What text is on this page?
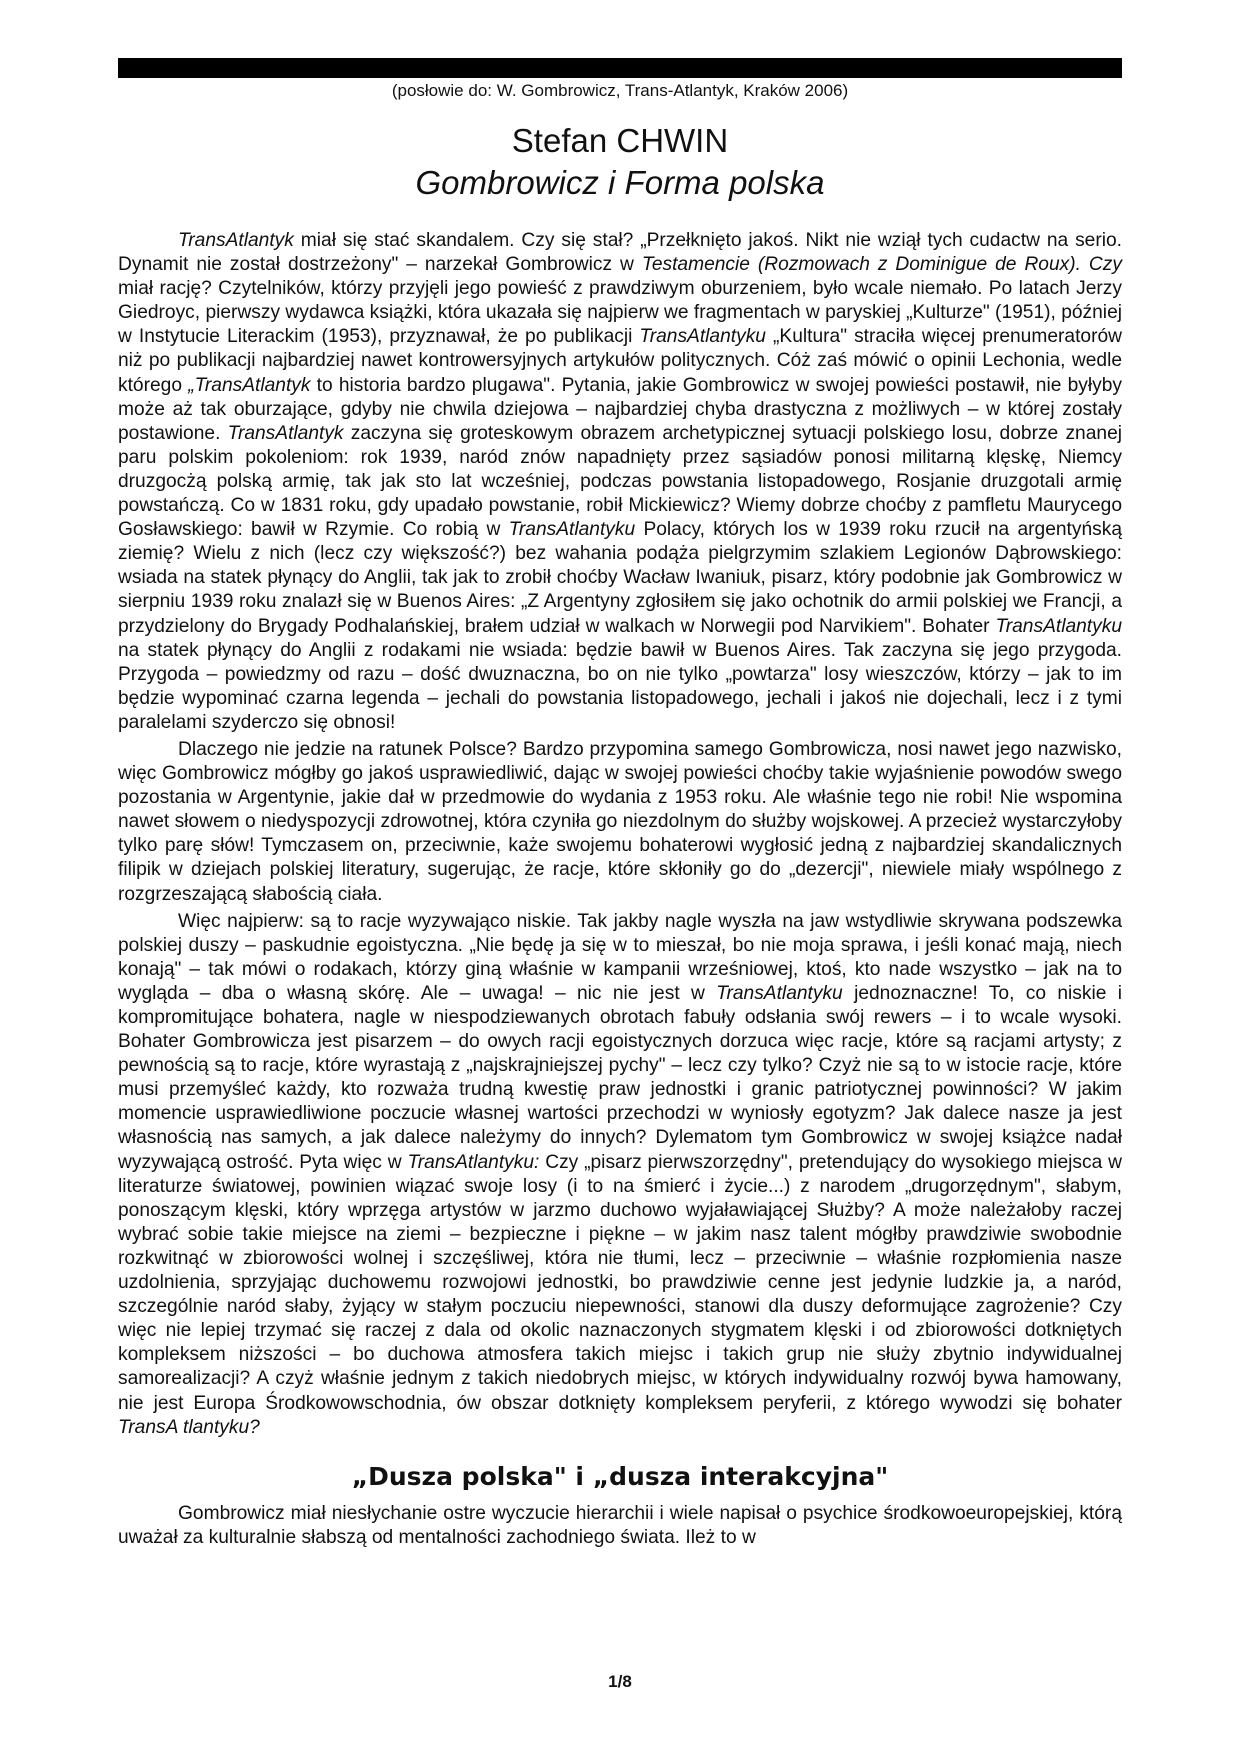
(posłowie do: W. Gombrowicz, Trans-Atlantyk, Kraków 2006)
Stefan CHWIN
Gombrowicz i Forma polska

TransAtlantyk miał się stać skandalem. Czy się stał? „Przełknięto jakoś. Nikt nie wziął tych cudactw na serio. Dynamit nie został dostrzeżony" – narzekał Gombrowicz w Testamencie (Rozmowach z Dominigue de Roux). Czy miał rację? Czytelników, którzy przyjęli jego powieść z prawdziwym oburzeniem, było wcale niemało. Po latach Jerzy Giedroyc, pierwszy wydawca książki, która ukazała się najpierw we fragmentach w paryskiej „Kulturze" (1951), później w Instytucie Literackim (1953), przyznawał, że po publikacji TransAtlantyku „Kultura" straciła więcej prenumeratorów niż po publikacji najbardziej nawet kontrowersyjnych artykułów politycznych. Cóż zaś mówić o opinii Lechonia, wedle którego „TransAtlantyk to historia bardzo plugawa". Pytania, jakie Gombrowicz w swojej powieści postawił, nie byłyby może aż tak oburzające, gdyby nie chwila dziejowa – najbardziej chyba drastyczna z możliwych – w której zostały postawione. TransAtlantyk zaczyna się groteskowym obrazem archetypicznej sytuacji polskiego losu, dobrze znanej paru polskim pokoleniom: rok 1939, naród znów napadnięty przez sąsiadów ponosi militarną klęskę, Niemcy druzgocżą polską armię, tak jak sto lat wcześniej, podczas powstania listopadowego, Rosjanie druzgotali armię powstańczą. Co w 1831 roku, gdy upadało powstanie, robił Mickiewicz? Wiemy dobrze choćby z pamfletu Maurycego Gosławskiego: bawił w Rzymie. Co robią w TransAtlantyku Polacy, których los w 1939 roku rzucił na argentyńską ziemię? Wielu z nich (lecz czy większość?) bez wahania podąża pielgrzymim szlakiem Legionów Dąbrowskiego: wsiada na statek płynący do Anglii, tak jak to zrobił choćby Wacław Iwaniuk, pisarz, który podobnie jak Gombrowicz w sierpniu 1939 roku znalazł się w Buenos Aires: „Z Argentyny zgłosiłem się jako ochotnik do armii polskiej we Francji, a przydzielony do Brygady Podhalańskiej, brałem udział w walkach w Norwegii pod Narvikiem". Bohater TransAtlantyku na statek płynący do Anglii z rodakami nie wsiada: będzie bawił w Buenos Aires. Tak zaczyna się jego przygoda. Przygoda – powiedzmy od razu – dość dwuznaczna, bo on nie tylko „powtarza" losy wieszczów, którzy – jak to im będzie wypominać czarna legenda – jechali do powstania listopadowego, jechali i jakoś nie dojechali, lecz i z tymi paralelami szyderczo się obnosi!

Dlaczego nie jedzie na ratunek Polsce? Bardzo przypomina samego Gombrowicza, nosi nawet jego nazwisko, więc Gombrowicz mógłby go jakoś usprawiedliwić, dając w swojej powieści choćby takie wyjaśnienie powodów swego pozostania w Argentynie, jakie dał w przedmowie do wydania z 1953 roku. Ale właśnie tego nie robi! Nie wspomina nawet słowem o niedyspozycji zdrowotnej, która czyniła go niezdolnym do służby wojskowej. A przecież wystarczyłoby tylko parę słów! Tymczasem on, przeciwnie, każe swojemu bohaterowi wygłosić jedną z najbardziej skandalicznych filipik w dziejach polskiej literatury, sugerując, że racje, które skłoniły go do „dezercji", niewiele miały wspólnego z rozgrzeszającą słabością ciała.

Więc najpierw: są to racje wyzywająco niskie. Tak jakby nagle wyszła na jaw wstydliwie skrywana podszewka polskiej duszy – paskudnie egoistyczna. „Nie będę ja się w to mieszał, bo nie moja sprawa, i jeśli konać mają, niech konają" – tak mówi o rodakach, którzy giną właśnie w kampanii wrześniowej, ktoś, kto nade wszystko – jak na to wygląda – dba o własną skórę. Ale – uwaga! – nic nie jest w TransAtlantyku jednoznaczne! To, co niskie i kompromitujące bohatera, nagle w niespodziewanych obrotach fabuły odsłania swój rewers – i to wcale wysoki. Bohater Gombrowicza jest pisarzem – do owych racji egoistycznych dorzuca więc racje, które są racjami artysty; z pewnością są to racje, które wyrastają z „najskrajniejszej pychy" – lecz czy tylko? Czyż nie są to w istocie racje, które musi przemyśleć każdy, kto rozważa trudną kwestię praw jednostki i granic patriotycznej powinności? W jakim momencie usprawiedliwione poczucie własnej wartości przechodzi w wyniosły egotyzm? Jak dalece nasze ja jest własnością nas samych, a jak dalece należymy do innych? Dylematom tym Gombrowicz w swojej książce nadał wyzywającą ostrość. Pyta więc w TransAtlantyku: Czy „pisarz pierwszorzędny", pretendujący do wysokiego miejsca w literaturze światowej, powinien wiązać swoje losy (i to na śmierć i życie...) z narodem „drugorzędnym", słabym, ponoszącym klęski, który wprzęga artystów w jarzmo duchowo wyjaławiającej Służby? A może należałoby raczej wybrać sobie takie miejsce na ziemi – bezpieczne i piękne – w jakim nasz talent mógłby prawdziwie swobodnie rozkwitnąć w zbiorowości wolnej i szczęśliwej, która nie tłumi, lecz – przeciwnie – właśnie rozpłomienia nasze uzdolnienia, sprzyjając duchowemu rozwojowi jednostki, bo prawdziwie cenne jest jedynie ludzkie ja, a naród, szczególnie naród słaby, żyjący w stałym poczuciu niepewności, stanowi dla duszy deformujące zagrożenie? Czy więc nie lepiej trzymać się raczej z dala od okolic naznaczonych stygmatem klęski i od zbiorowości dotkniętych kompleksem niższości – bo duchowa atmosfera takich miejsc i takich grup nie służy zbytnio indywidualnej samorealizacji? A czyż właśnie jednym z takich niedobrych miejsc, w których indywidualny rozwój bywa hamowany, nie jest Europa Środkowowschodnia, ów obszar dotknięty kompleksem peryferii, z którego wywodzi się bohater TransA tlantyku?

„Dusza polska" i „dusza interakcyjna"

Gombrowicz miał niesłychanie ostre wyczucie hierarchii i wiele napisał o psychice środkowoeuropejskiej, którą uważał za kulturalnie słabszą od mentalności zachodniego świata. Ileż to w

1/8
